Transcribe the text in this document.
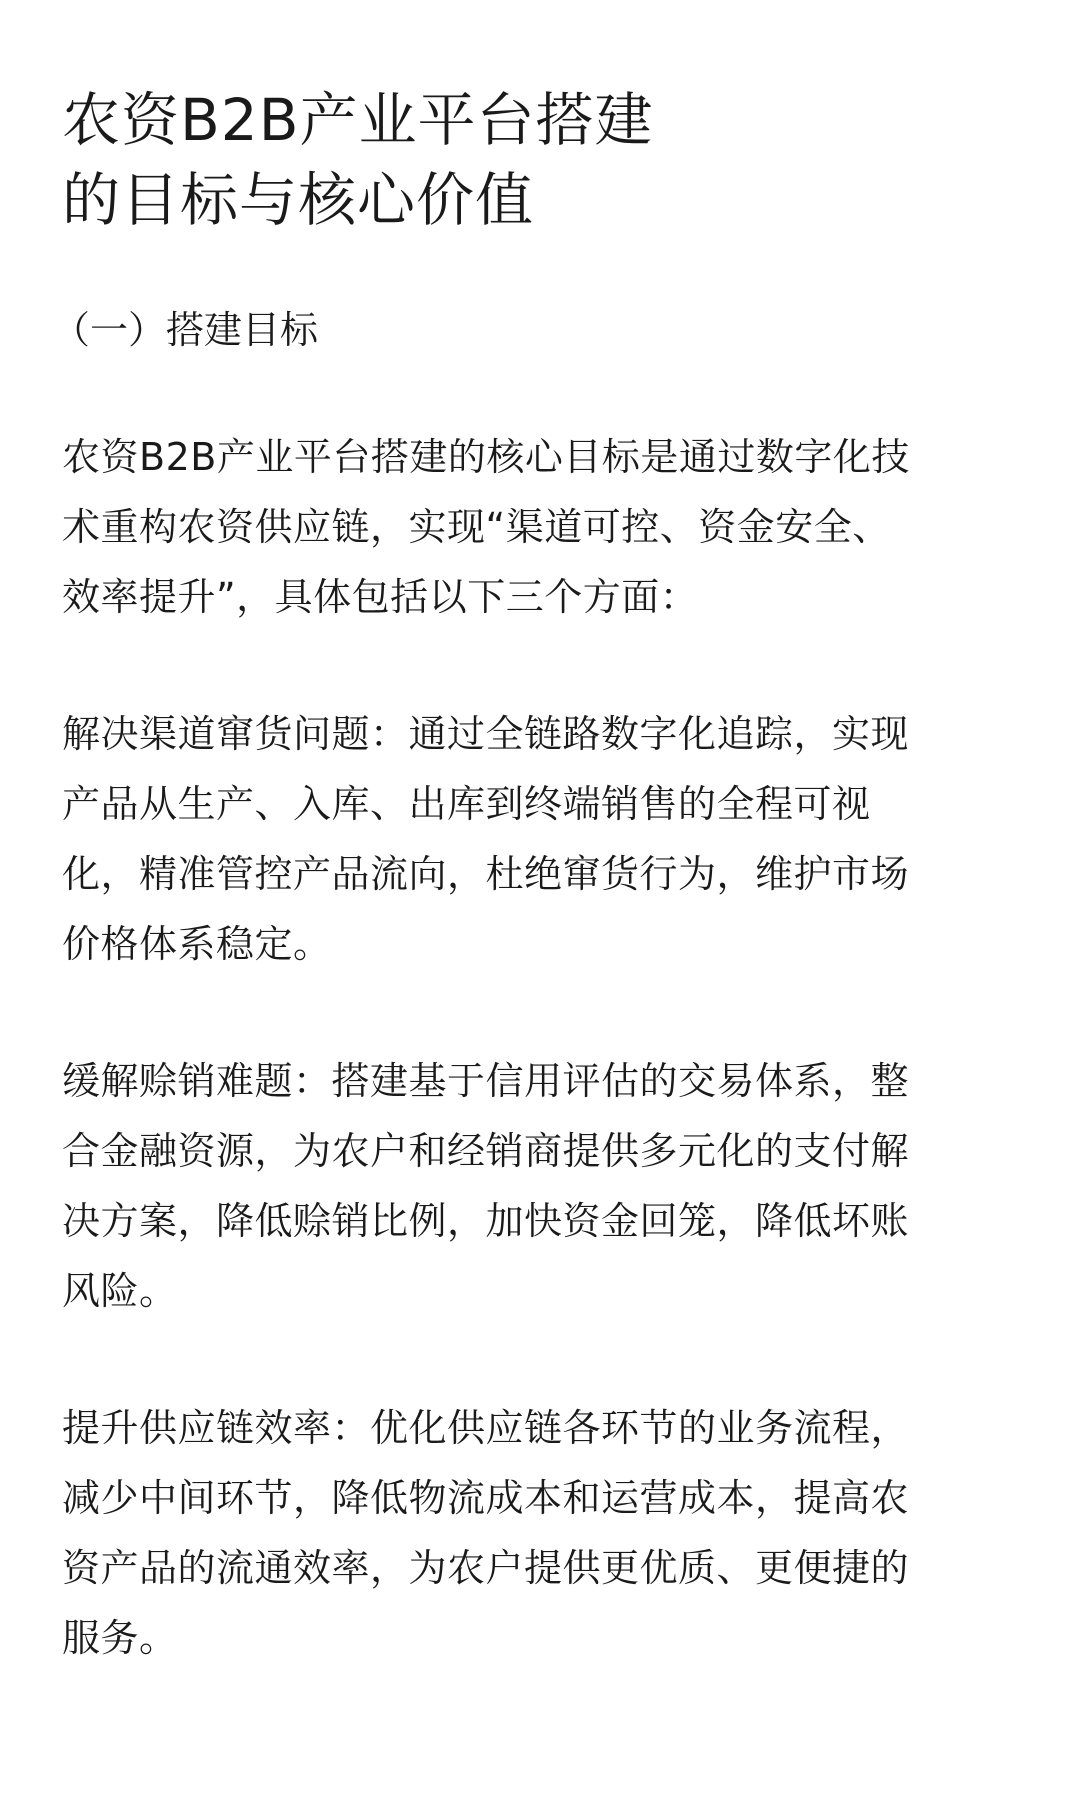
农资B2B产业平台搭建
的目标与核心价值
（一）搭建目标

农资B2B产业平台搭建的核心目标是通过数字化技
术重构农资供应链，实现“渠道可控、资金安全、
效率提升”，具体包括以下三个方面：

解决渠道窜货问题：通过全链路数字化追踪，实现
产品从生产、入库、出库到终端销售的全程可视
化，精准管控产品流向，杜绝窜货行为，维护市场
价格体系稳定。

缓解赊销难题：搭建基于信用评估的交易体系，整
合金融资源，为农户和经销商提供多元化的支付解
决方案，降低赊销比例，加快资金回笼，降低坏账
风险。

提升供应链效率：优化供应链各环节的业务流程，
减少中间环节，降低物流成本和运营成本，提高农
资产品的流通效率，为农户提供更优质、更便捷的
服务。
